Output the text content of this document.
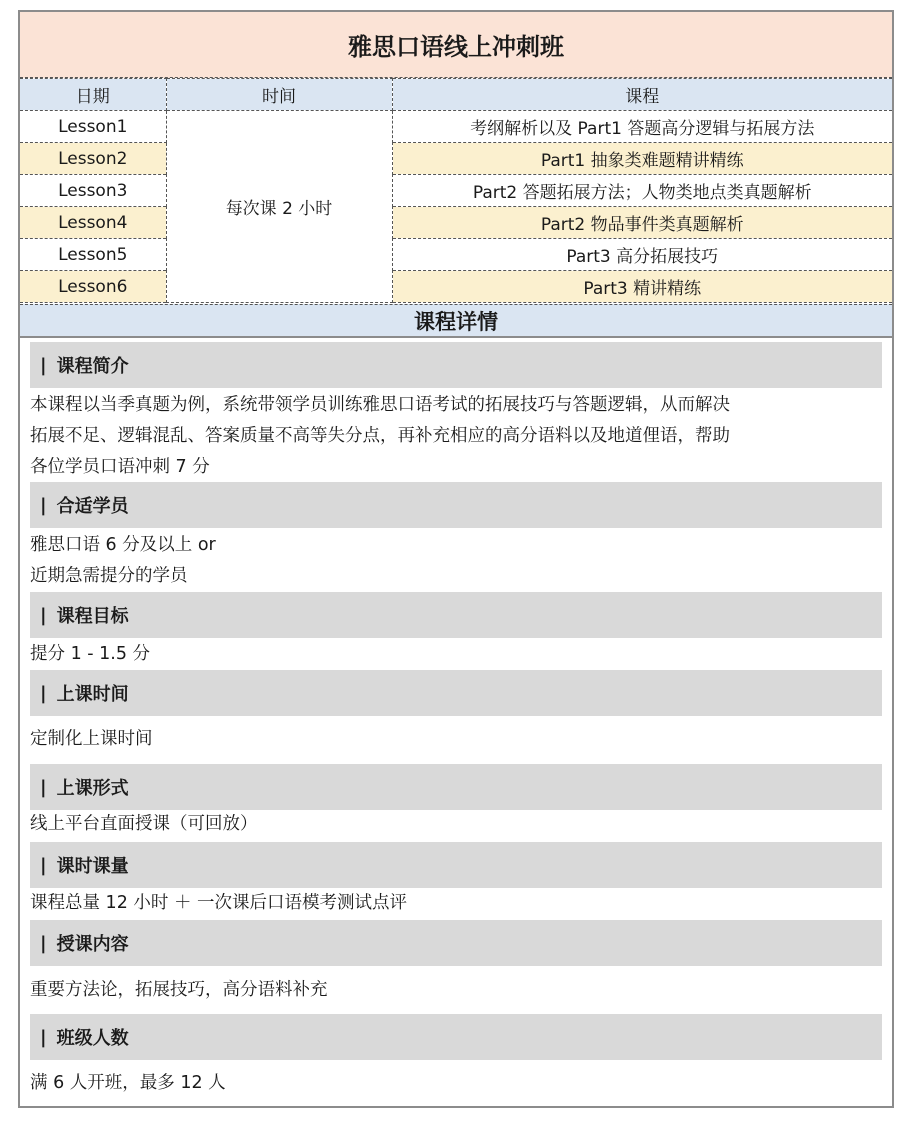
雅思口语线上冲刺班
日期	时间	课程
Lesson1	每次课 2 小时	考纲解析以及 Part1 答题高分逻辑与拓展方法
Lesson2		Part1 抽象类难题精讲精练
Lesson3		Part2 答题拓展方法；人物类地点类真题解析
Lesson4		Part2 物品事件类真题解析
Lesson5		Part3 高分拓展技巧
Lesson6		Part3 精讲精练
课程详情
| 课程简介

本课程以当季真题为例，系统带领学员训练雅思口语考试的拓展技巧与答题逻辑，从而解决

拓展不足、逻辑混乱、答案质量不高等失分点，再补充相应的高分语料以及地道俚语，帮助

各位学员口语冲刺 7 分

| 合适学员

雅思口语 6 分及以上 or

近期急需提分的学员

| 课程目标

提分 1 - 1.5 分

| 上课时间

定制化上课时间

| 上课形式

线上平台直面授课（可回放）

| 课时课量

课程总量 12 小时 ＋ 一次课后口语模考测试点评

| 授课内容

重要方法论，拓展技巧，高分语料补充

| 班级人数

满 6 人开班，最多 12 人
